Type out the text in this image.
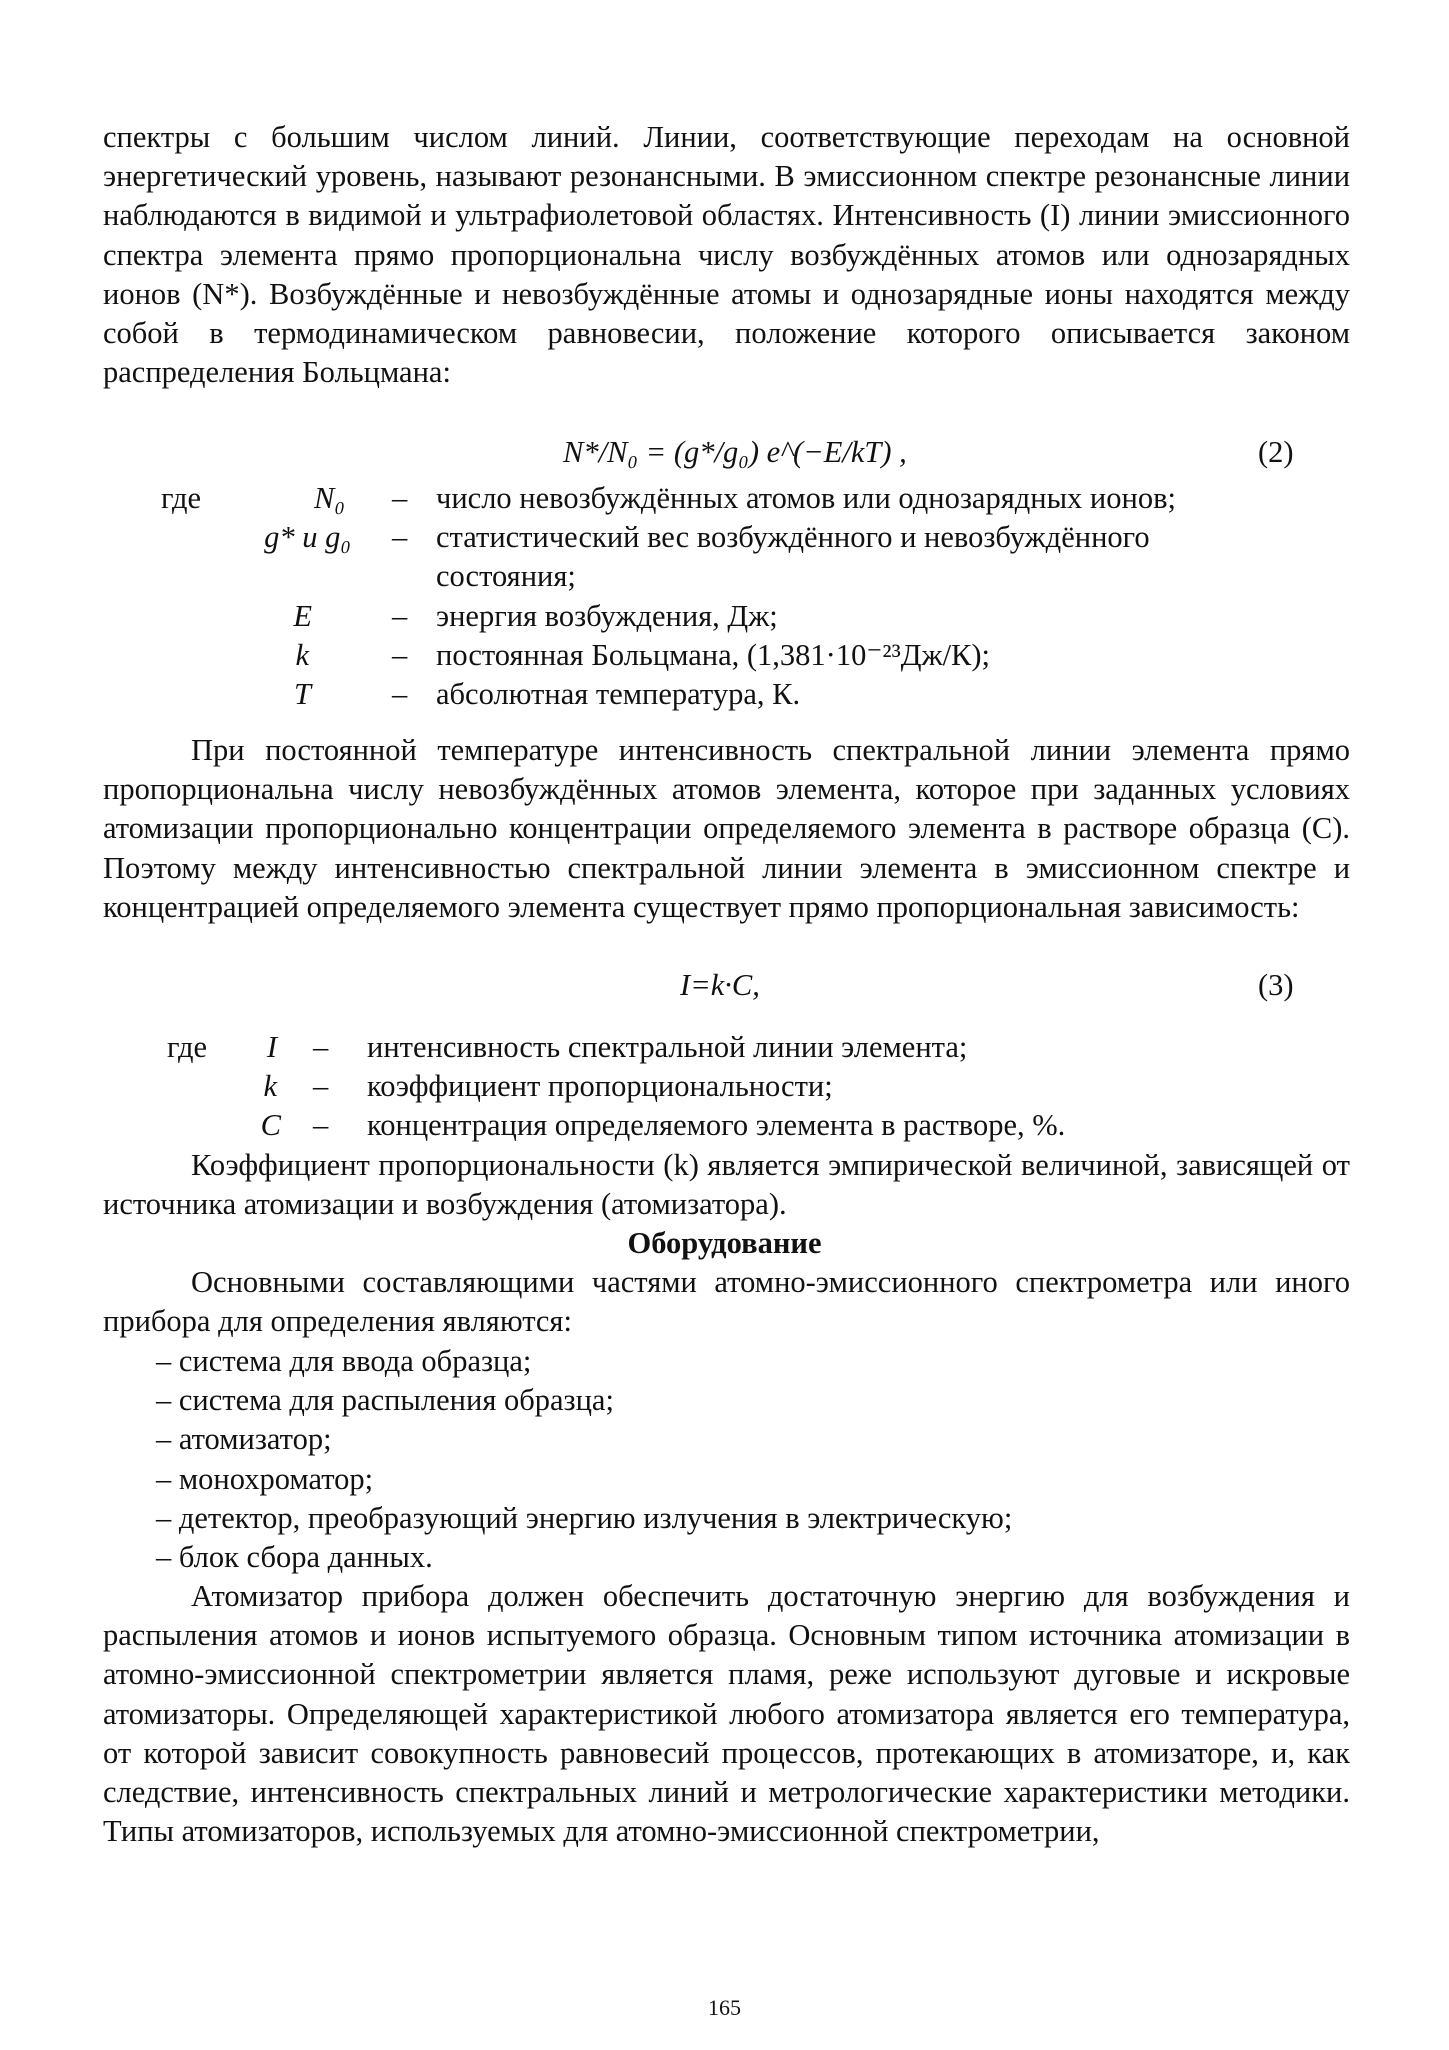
спектры с большим числом линий. Линии, соответствующие переходам на основной энергетический уровень, называют резонансными. В эмиссионном спектре резонансные линии наблюдаются в видимой и ультрафиолетовой областях. Интенсивность (I) линии эмиссионного спектра элемента прямо пропорциональна числу возбуждённых атомов или однозарядных ионов (N*). Возбуждённые и невозбуждённые атомы и однозарядные ионы находятся между собой в термодинамическом равновесии, положение которого описывается законом распределения Больцмана:

N*/N₀ = (g*/g₀) e^(−E/kT) ,	(2)
где	N₀ – число невозбуждённых атомов или однозарядных ионов;
g* и g₀ – статистический вес возбуждённого и невозбуждённого
состояния;
E	– энергия возбуждения, Дж;
k	– постоянная Больцмана, (1,381·10⁻²³Дж/К);
T	– абсолютная температура, К.

При постоянной температуре интенсивность спектральной линии элемента прямо пропорциональна числу невозбуждённых атомов элемента, которое при заданных условиях атомизации пропорционально концентрации определяемого элемента в растворе образца (С). Поэтому между интенсивностью спектральной линии элемента в эмиссионном спектре и концентрацией определяемого элемента существует прямо пропорциональная зависимость:

I=k·C,	(3)
где I – интенсивность спектральной линии элемента;
k – коэффициент пропорциональности;
C – концентрация определяемого элемента в растворе, %.

Коэффициент пропорциональности (k) является эмпирической величиной, зависящей от источника атомизации и возбуждения (атомизатора).

Оборудование

Основными составляющими частями атомно-эмиссионного спектрометра или иного прибора для определения являются:

– система для ввода образца;
– система для распыления образца;
– атомизатор;
– монохроматор;
– детектор, преобразующий энергию излучения в электрическую;
– блок сбора данных.

Атомизатор прибора должен обеспечить достаточную энергию для возбуждения и распыления атомов и ионов испытуемого образца. Основным типом источника атомизации в атомно-эмиссионной спектрометрии является пламя, реже используют дуговые и искровые атомизаторы. Определяющей характеристикой любого атомизатора является его температура, от которой зависит совокупность равновесий процессов, протекающих в атомизаторе, и, как следствие, интенсивность спектральных линий и метрологические характеристики методики. Типы атомизаторов, используемых для атомно-эмиссионной спектрометрии,

165
